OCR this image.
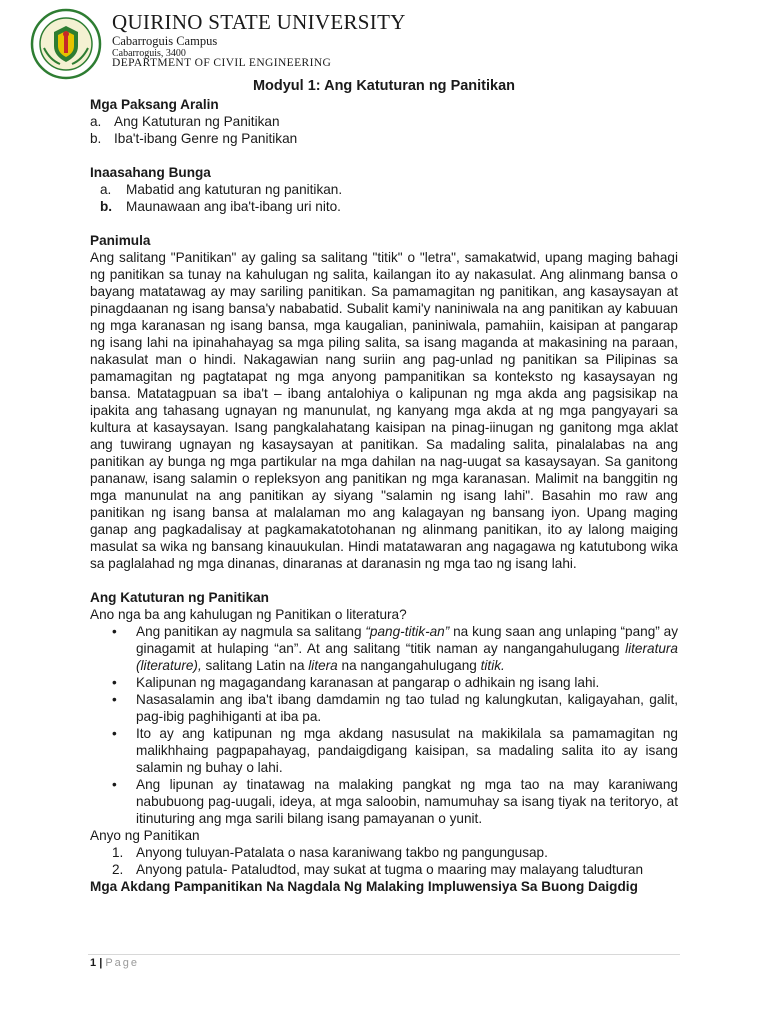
QUIRINO STATE UNIVERSITY
Cabarroguis Campus
Cabarroguis, 3400
DEPARTMENT OF CIVIL ENGINEERING
Modyul 1: Ang Katuturan ng Panitikan

Mga Paksang Aralin

a. Ang Katuturan ng Panitikan
b. Iba't-ibang Genre ng Panitikan

Inaasahang Bunga

a.	Mabatid ang katuturan ng panitikan.
b.	Maunawaan ang iba't-ibang uri nito.

Panimula

Ang salitang "Panitikan" ay galing sa salitang "titik" o "letra", samakatwid, upang maging bahagi ng panitikan sa tunay na kahulugan ng salita, kailangan ito ay nakasulat. Ang alinmang bansa o bayang matatawag ay may sariling panitikan. Sa pamamagitan ng panitikan, ang kasaysayan at pinagdaanan ng isang bansa'y nababatid. Subalit kami'y naniniwala na ang panitikan ay kabuuan ng mga karanasan ng isang bansa, mga kaugalian, paniniwala, pamahiin, kaisipan at pangarap ng isang lahi na ipinahahayag sa mga piling salita, sa isang maganda at makasining na paraan, nakasulat man o hindi. Nakagawian nang suriin ang pag-unlad ng panitikan sa Pilipinas sa pamamagitan ng pagtatapat ng mga anyong pampanitikan sa konteksto ng kasaysayan ng bansa. Matatagpuan sa iba't – ibang antalohiya o kalipunan ng mga akda ang pagsisikap na ipakita ang tahasang ugnayan ng manunulat, ng kanyang mga akda at ng mga pangyayari sa kultura at kasaysayan. Isang pangkalahatang kaisipan na pinag-iinugan ng ganitong mga aklat ang tuwirang ugnayan ng kasaysayan at panitikan. Sa madaling salita, pinalalabas na ang panitikan ay bunga ng mga partikular na mga dahilan na nag-uugat sa kasaysayan. Sa ganitong pananaw, isang salamin o repleksyon ang panitikan ng mga karanasan. Malimit na banggitin ng mga manunulat na ang panitikan ay siyang "salamin ng isang lahi". Basahin mo raw ang panitikan ng isang bansa at malalaman mo ang kalagayan ng bansang iyon. Upang maging ganap ang pagkadalisay at pagkamakatotohanan ng alinmang panitikan, ito ay lalong maiging masulat sa wika ng bansang kinauukulan. Hindi matatawaran ang nagagawa ng katutubong wika sa paglalahad ng mga dinanas, dinaranas at daranasin ng mga tao ng isang lahi.

Ang Katuturan ng Panitikan

Ano nga ba ang kahulugan ng Panitikan o literatura?

•	Ang panitikan ay nagmula sa salitang “pang-titik-an” na kung saan ang unlaping “pang” ay ginagamit at hulaping “an”. At ang salitang “titik naman ay nangangahulugang literatura (literature), salitang Latin na litera na nangangahulugang titik.
•	Kalipunan ng magagandang karanasan at pangarap o adhikain ng isang lahi.
•	Nasasalamin ang iba't ibang damdamin ng tao tulad ng kalungkutan, kaligayahan, galit, pag-ibig paghihiganti at iba pa.
•	Ito ay ang katipunan ng mga akdang nasusulat na makikilala sa pamamagitan ng malikhhaing pagpapahayag, pandaigdigang kaisipan, sa madaling salita ito ay isang salamin ng buhay o lahi.
•	Ang lipunan ay tinatawag na malaking pangkat ng mga tao na may karaniwang nabubuong pag-uugali, ideya, at mga saloobin, namumuhay sa isang tiyak na teritoryo, at itinuturing ang mga sarili bilang isang pamayanan o yunit.

Anyo ng Panitikan

1. Anyong tuluyan-Patalata o nasa karaniwang takbo ng pangungusap.
2. Anyong patula- Pataludtod, may sukat at tugma o maaring may malayang taludturan

Mga Akdang Pampanitikan Na Nagdala Ng Malaking Impluwensiya Sa Buong Daigdig

1 | Page
